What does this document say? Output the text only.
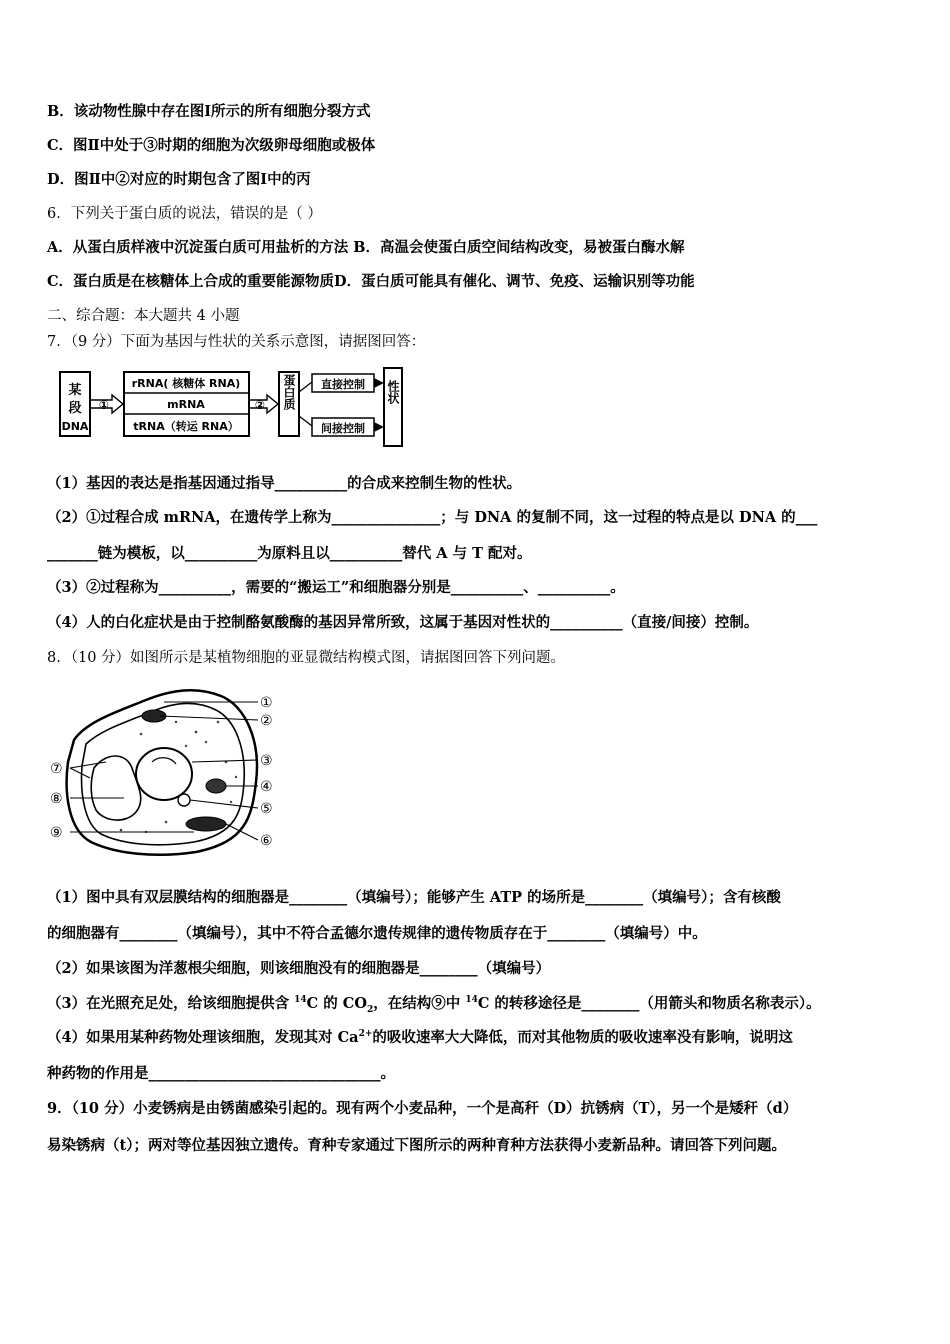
B．该动物性腺中存在图Ⅰ所示的所有细胞分裂方式
C．图Ⅱ中处于③时期的细胞为次级卵母细胞或极体
D．图Ⅱ中②对应的时期包含了图Ⅰ中的丙
6．下列关于蛋白质的说法，错误的是（ ）
A．从蛋白质样液中沉淀蛋白质可用盐析的方法 B．高温会使蛋白质空间结构改变，易被蛋白酶水解
C．蛋白质是在核糖体上合成的重要能源物质D．蛋白质可能具有催化、调节、免疫、运输识别等功能
二、综合题：本大题共 4 小题
7．（9 分）下面为基因与性状的关系示意图，请据图回答：
某
段
DNA
①
rRNA( 核糖体 RNA)
mRNA
tRNA（转运 RNA）
② 蛋白质 直接控制
间接控制
性状
（1）基因的表达是指基因通过指导__________的合成来控制生物的性状。
（2）①过程合成 mRNA，在遗传学上称为_______________；与 DNA 的复制不同，这一过程的特点是以 DNA 的___
_______链为模板，以__________为原料且以__________替代 A 与 T 配对。
（3）②过程称为__________，需要的“搬运工”和细胞器分别是__________、__________。
（4）人的白化症状是由于控制酪氨酸酶的基因异常所致，这属于基因对性状的__________（直接/间接）控制。
8．（10 分）如图所示是某植物细胞的亚显微结构模式图，请据图回答下列问题。
①
②
③
④
⑤
⑥
⑦
⑧
⑨
（1）图中具有双层膜结构的细胞器是________（填编号）；能够产生 ATP 的场所是________（填编号）；含有核酸
的细胞器有________（填编号），其中不符合孟德尔遗传规律的遗传物质存在于________（填编号）中。
（2）如果该图为洋葱根尖细胞，则该细胞没有的细胞器是________（填编号）
（3）在光照充足处，给该细胞提供含 $^{14}$C 的 $CO_2$，在结构⑨中 $^{14}$C 的转移途径是________（用箭头和物质名称表示）。
（4）如果用某种药物处理该细胞，发现其对 $Ca^{2+}$的吸收速率大大降低，而对其他物质的吸收速率没有影响，说明这
种药物的作用是________________________________。
9．（10 分）小麦锈病是由锈菌感染引起的。现有两个小麦品种，一个是高秆（D）抗锈病（T），另一个是矮秆（d）
易染锈病（t）；两对等位基因独立遗传。育种专家通过下图所示的两种育种方法获得小麦新品种。请回答下列问题。
